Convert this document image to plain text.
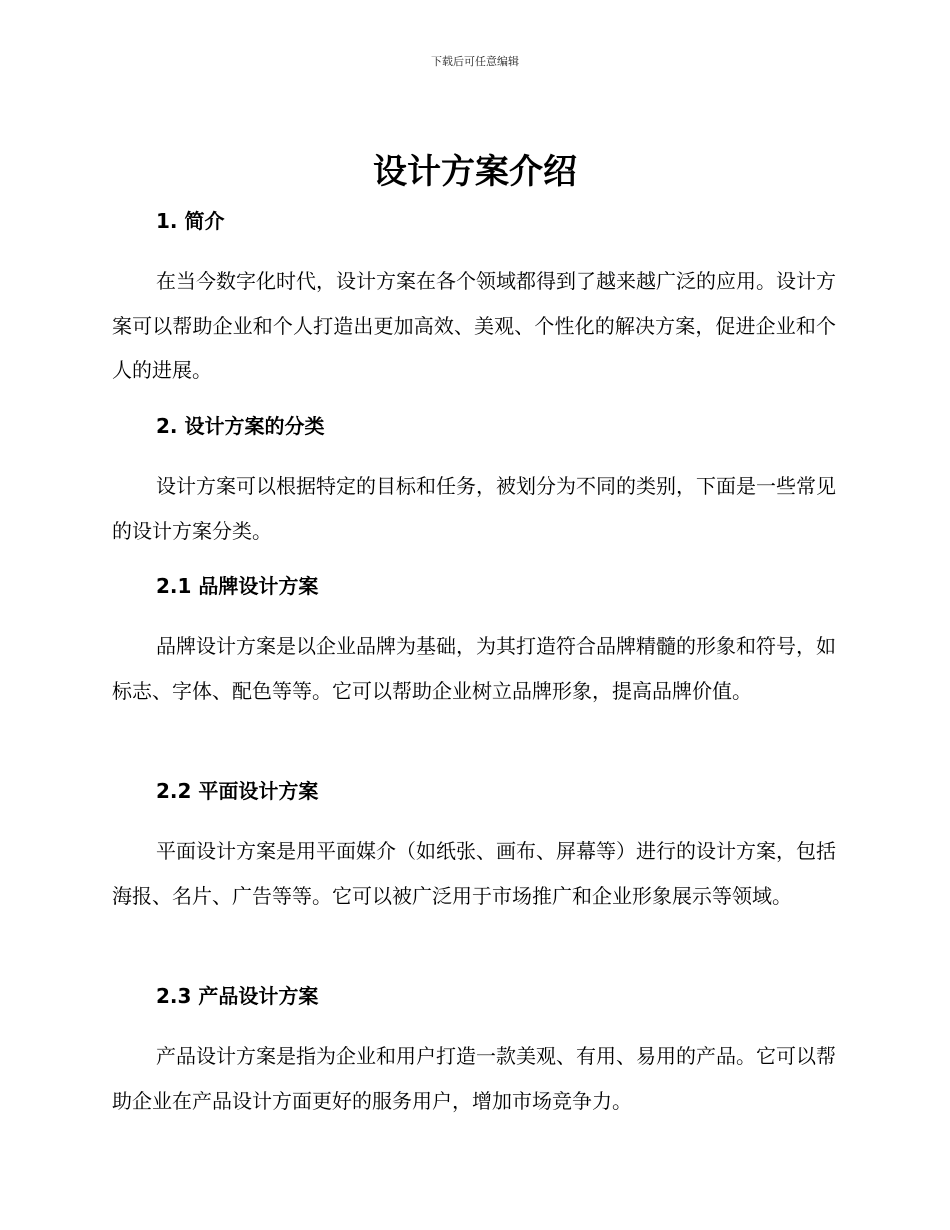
下载后可任意编辑
设计方案介绍
1. 简介

在当今数字化时代，设计方案在各个领域都得到了越来越广泛的应用。设计方案可以帮助企业和个人打造出更加高效、美观、个性化的解决方案，促进企业和个人的进展。

2. 设计方案的分类

设计方案可以根据特定的目标和任务，被划分为不同的类别，下面是一些常见的设计方案分类。

2.1 品牌设计方案

品牌设计方案是以企业品牌为基础，为其打造符合品牌精髓的形象和符号，如标志、字体、配色等等。它可以帮助企业树立品牌形象，提高品牌价值。

2.2 平面设计方案

平面设计方案是用平面媒介（如纸张、画布、屏幕等）进行的设计方案，包括海报、名片、广告等等。它可以被广泛用于市场推广和企业形象展示等领域。

2.3 产品设计方案

产品设计方案是指为企业和用户打造一款美观、有用、易用的产品。它可以帮助企业在产品设计方面更好的服务用户，增加市场竞争力。
